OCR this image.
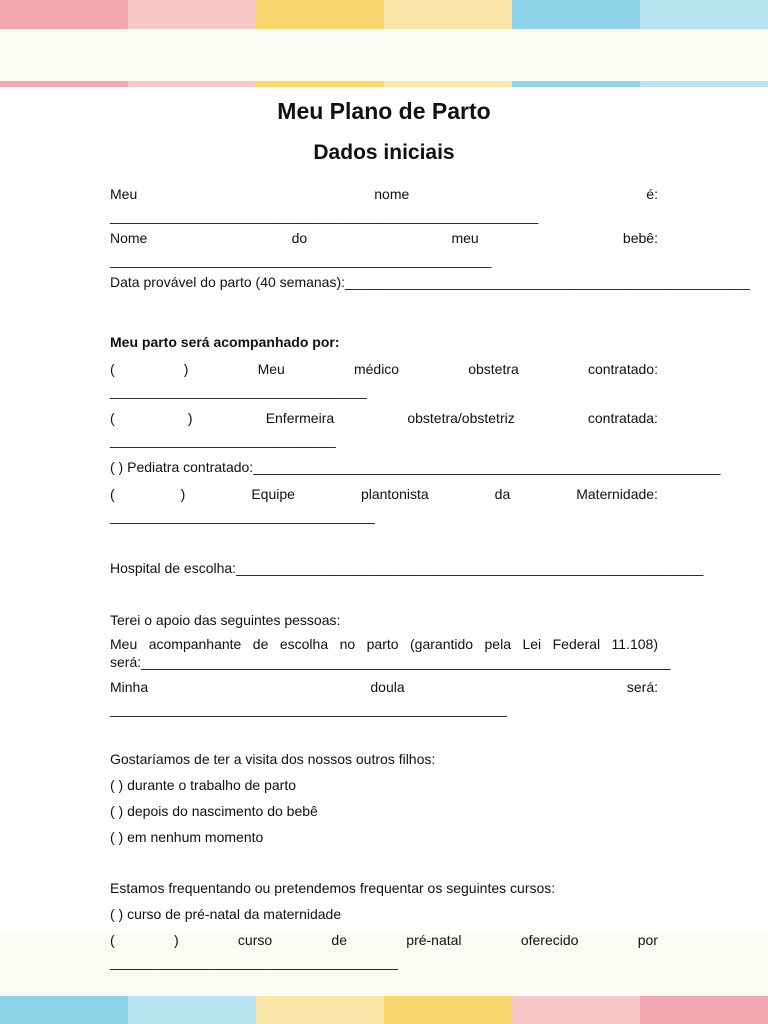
Meu Plano de Parto
Dados iniciais

Meu	nome	é:

_______________________________________________________

Nome	do	meu	bebê:

_________________________________________________

Data provável do parto (40 semanas): ____________________________________________________

Meu parto será acompanhado por:

(	)	Meu	médico	obstetra	contratado:

_________________________________

(	)	Enfermeira	obstetra/obstetriz	contratada:

_____________________________

( ) Pediatra contratado: ____________________________________________________________

(	)	Equipe	plantonista	da	Maternidade:

__________________________________

Hospital de escolha: ____________________________________________________________

Terei o apoio das seguintes pessoas:

Meu acompanhante de escolha no parto (garantido pela Lei Federal 11.108)

será: ____________________________________________________________________

Minha	doula	será:

___________________________________________________

Gostaríamos de ter a visita dos nossos outros filhos:

( ) durante o trabalho de parto

( ) depois do nascimento do bebê

( ) em nenhum momento

Estamos frequentando ou pretendemos frequentar os seguintes cursos:

( ) curso de pré-natal da maternidade

(	)	curso	de	pré-natal	oferecido	por

_____________________________________
